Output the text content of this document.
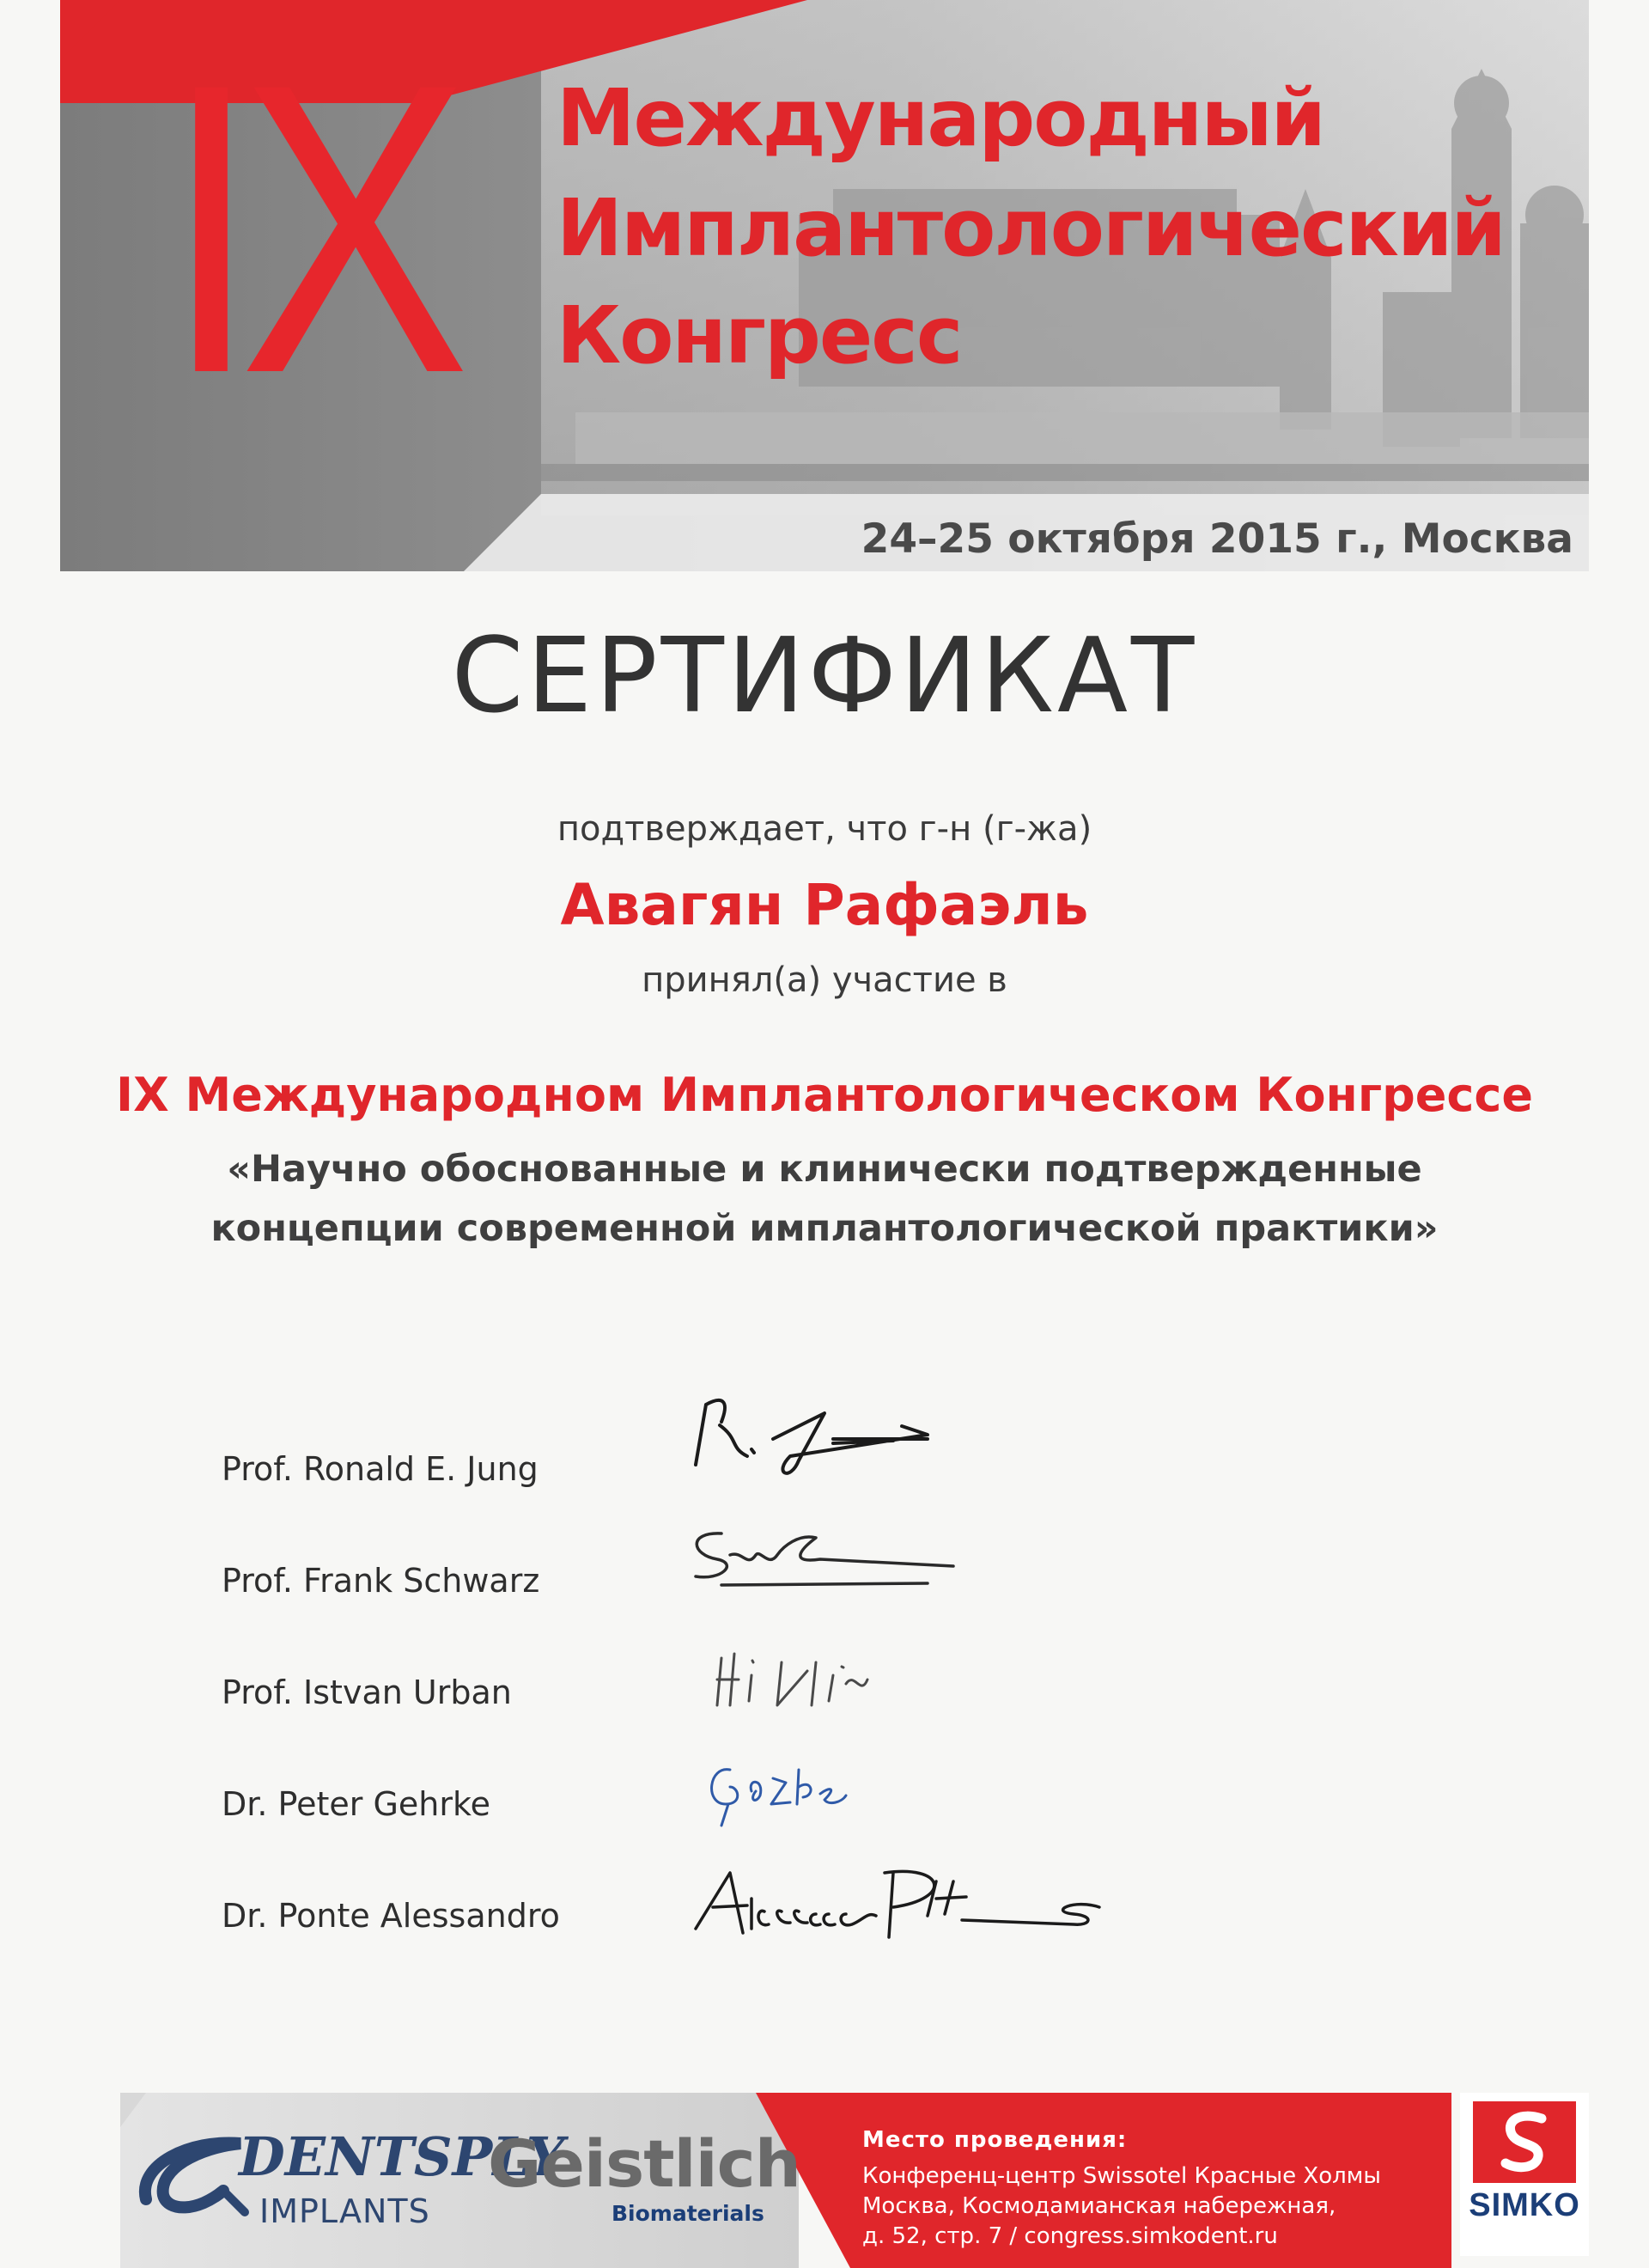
IX Международный
Имплантологический
Конгресс
24–25 октября 2015 г., Москва
СЕРТИФИКАТ
подтверждает, что г-н (г-жа)
Авагян Рафаэль
принял(а) участие в
IX Международном Имплантологическом Конгрессе
«Научно обоснованные и клинически подтвержденные
концепции современной имплантологической практики»
Prof. Ronald E. Jung
Prof. Frank Schwarz
Prof. Istvan Urban
Dr. Peter Gehrke
Dr. Ponte Alessandro
DENTSPLY
IMPLANTS
Geistlich
Biomaterials
Место проведения:
Конференц-центр Swissotel Красные Холмы
Москва, Космодамианская набережная,
д. 52, стр. 7 / congress.simkodent.ru
SIMKO
